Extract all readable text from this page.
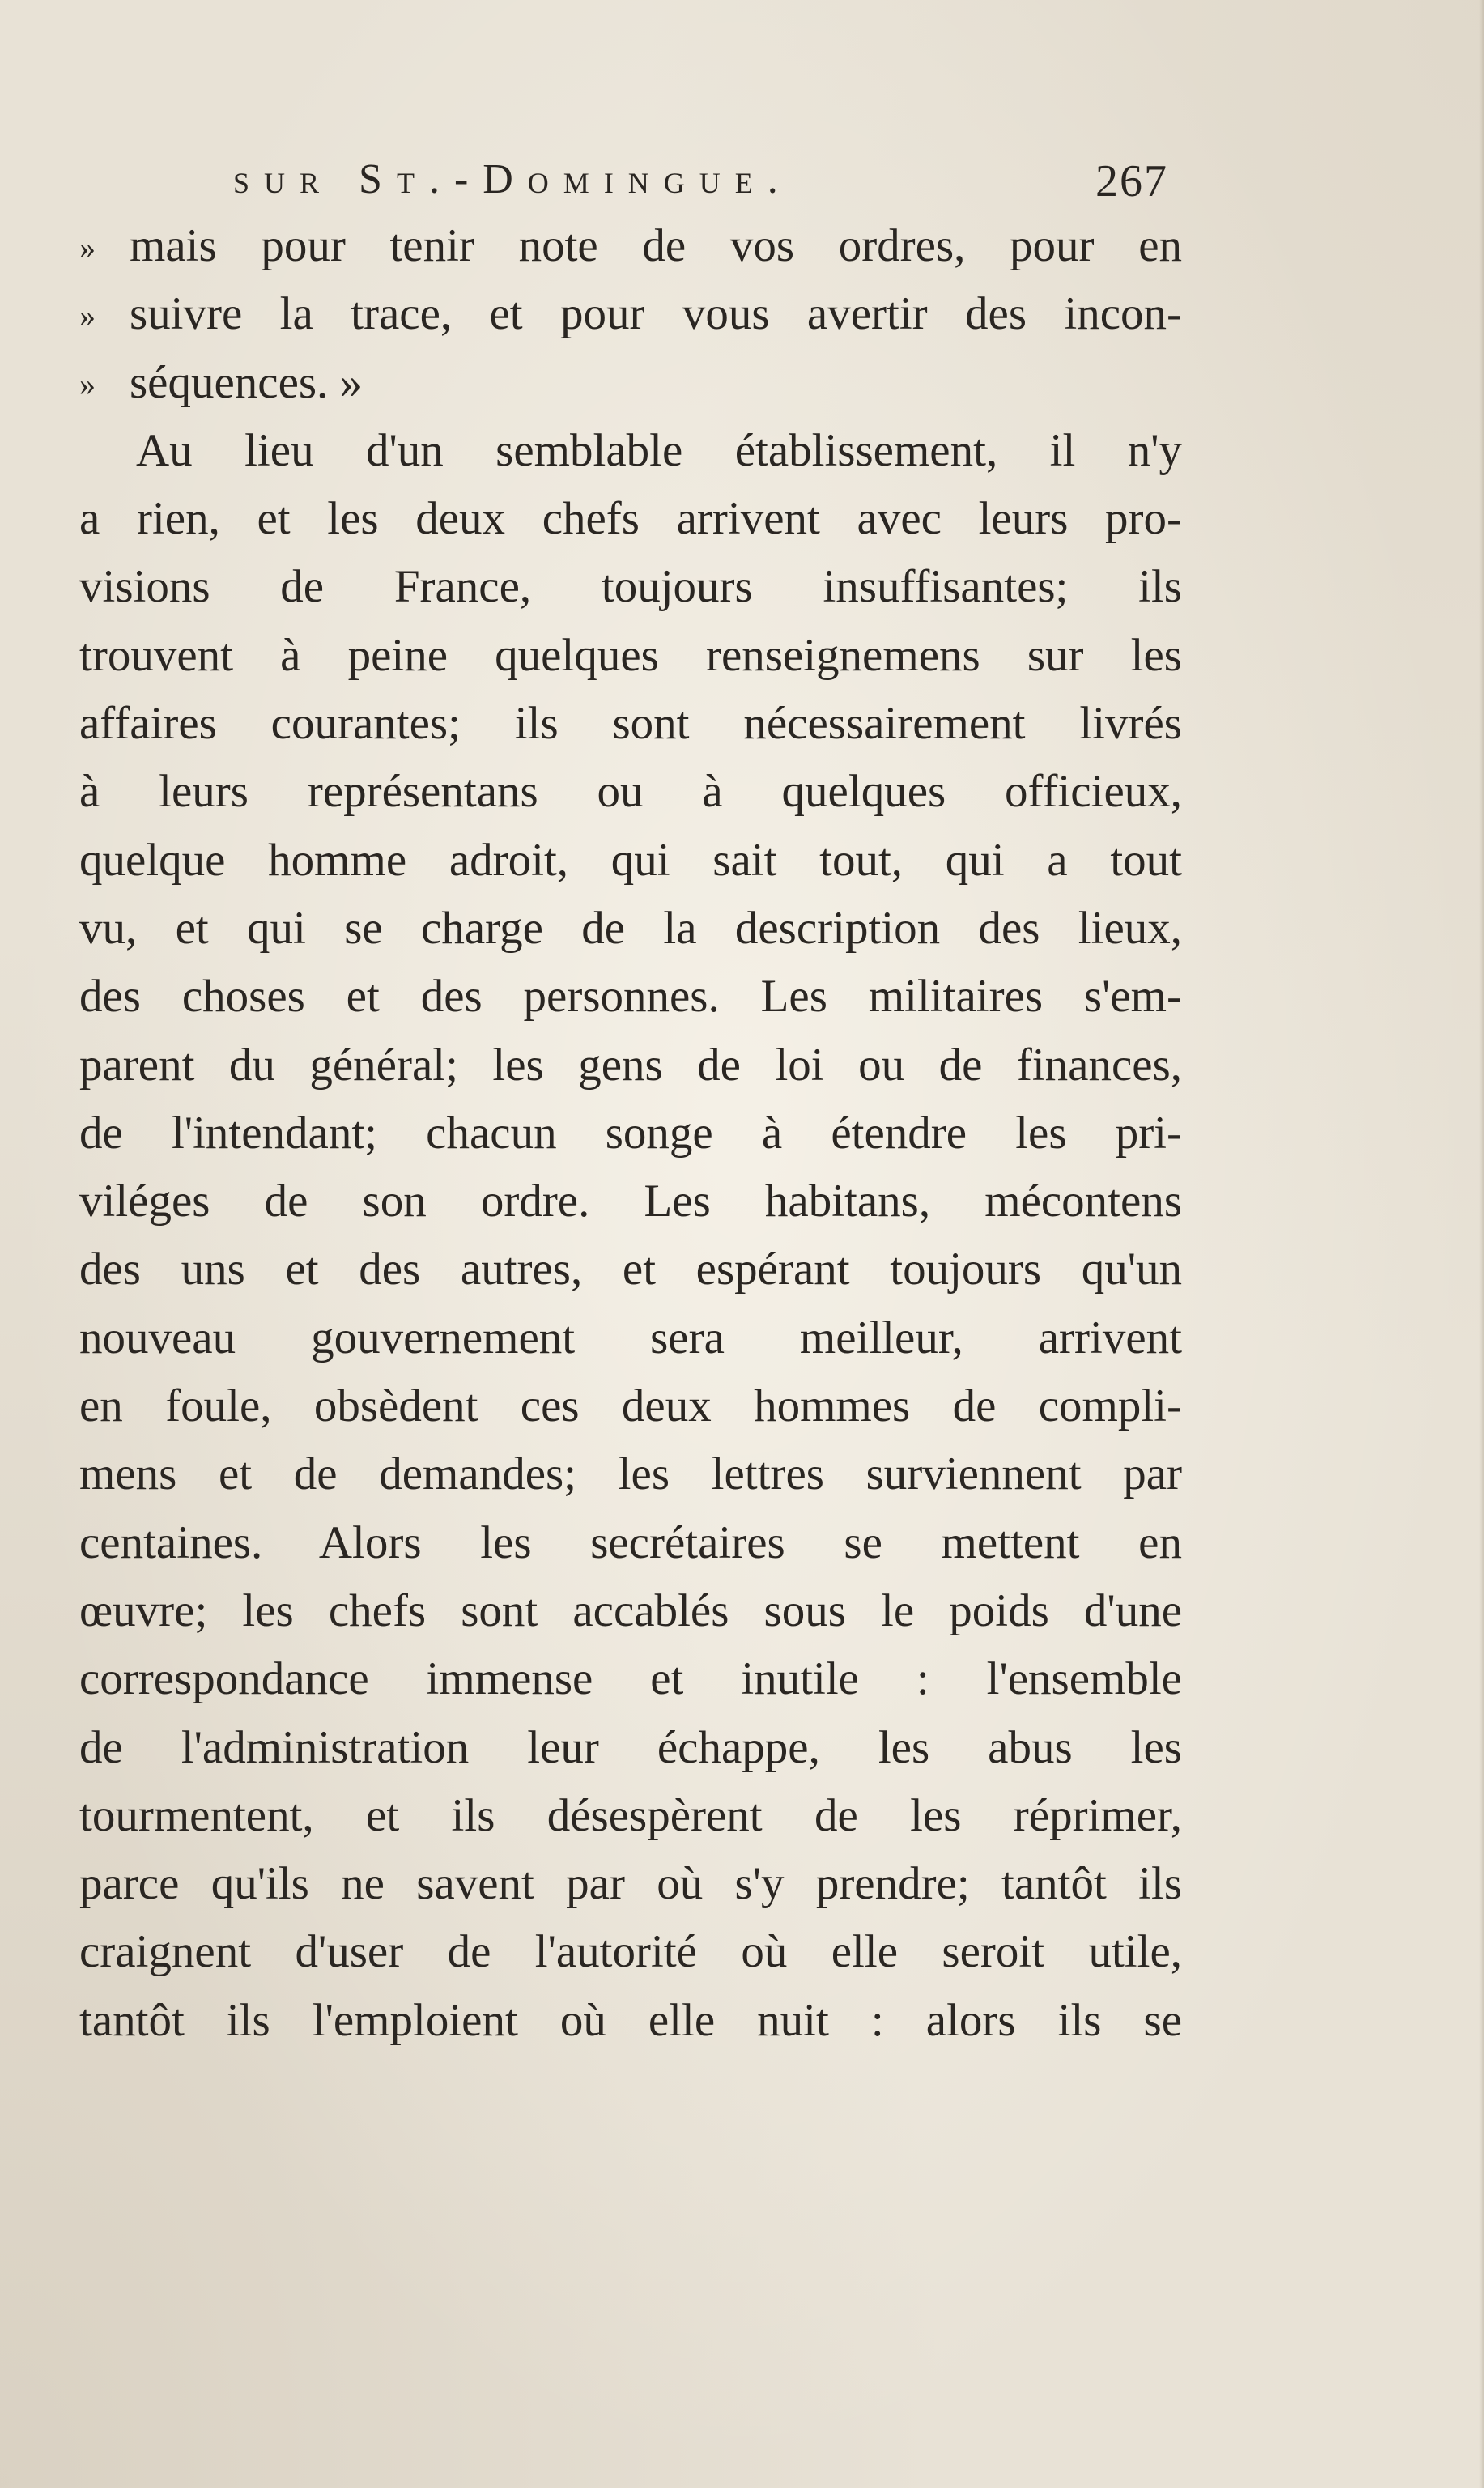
sur St.-Domingue.	267
» mais pour tenir note de vos ordres, pour en
» suivre la trace, et pour vous avertir des incon-
» séquences. »
Au lieu d'un semblable établissement, il n'y
a rien, et les deux chefs arrivent avec leurs pro-
visions de France, toujours insuffisantes; ils
trouvent à peine quelques renseignemens sur les
affaires courantes; ils sont nécessairement livrés
à leurs représentans ou à quelques officieux,
quelque homme adroit, qui sait tout, qui a tout
vu, et qui se charge de la description des lieux,
des choses et des personnes. Les militaires s'em-
parent du général; les gens de loi ou de finances,
de l'intendant; chacun songe à étendre les pri-
viléges de son ordre. Les habitans, mécontens
des uns et des autres, et espérant toujours qu'un
nouveau gouvernement sera meilleur, arrivent
en foule, obsèdent ces deux hommes de compli-
mens et de demandes; les lettres surviennent par
centaines. Alors les secrétaires se mettent en
œuvre; les chefs sont accablés sous le poids d'une
correspondance immense et inutile : l'ensemble
de l'administration leur échappe, les abus les
tourmentent, et ils désespèrent de les réprimer,
parce qu'ils ne savent par où s'y prendre; tantôt ils
craignent d'user de l'autorité où elle seroit utile,
tantôt ils l'emploient où elle nuit : alors ils se
